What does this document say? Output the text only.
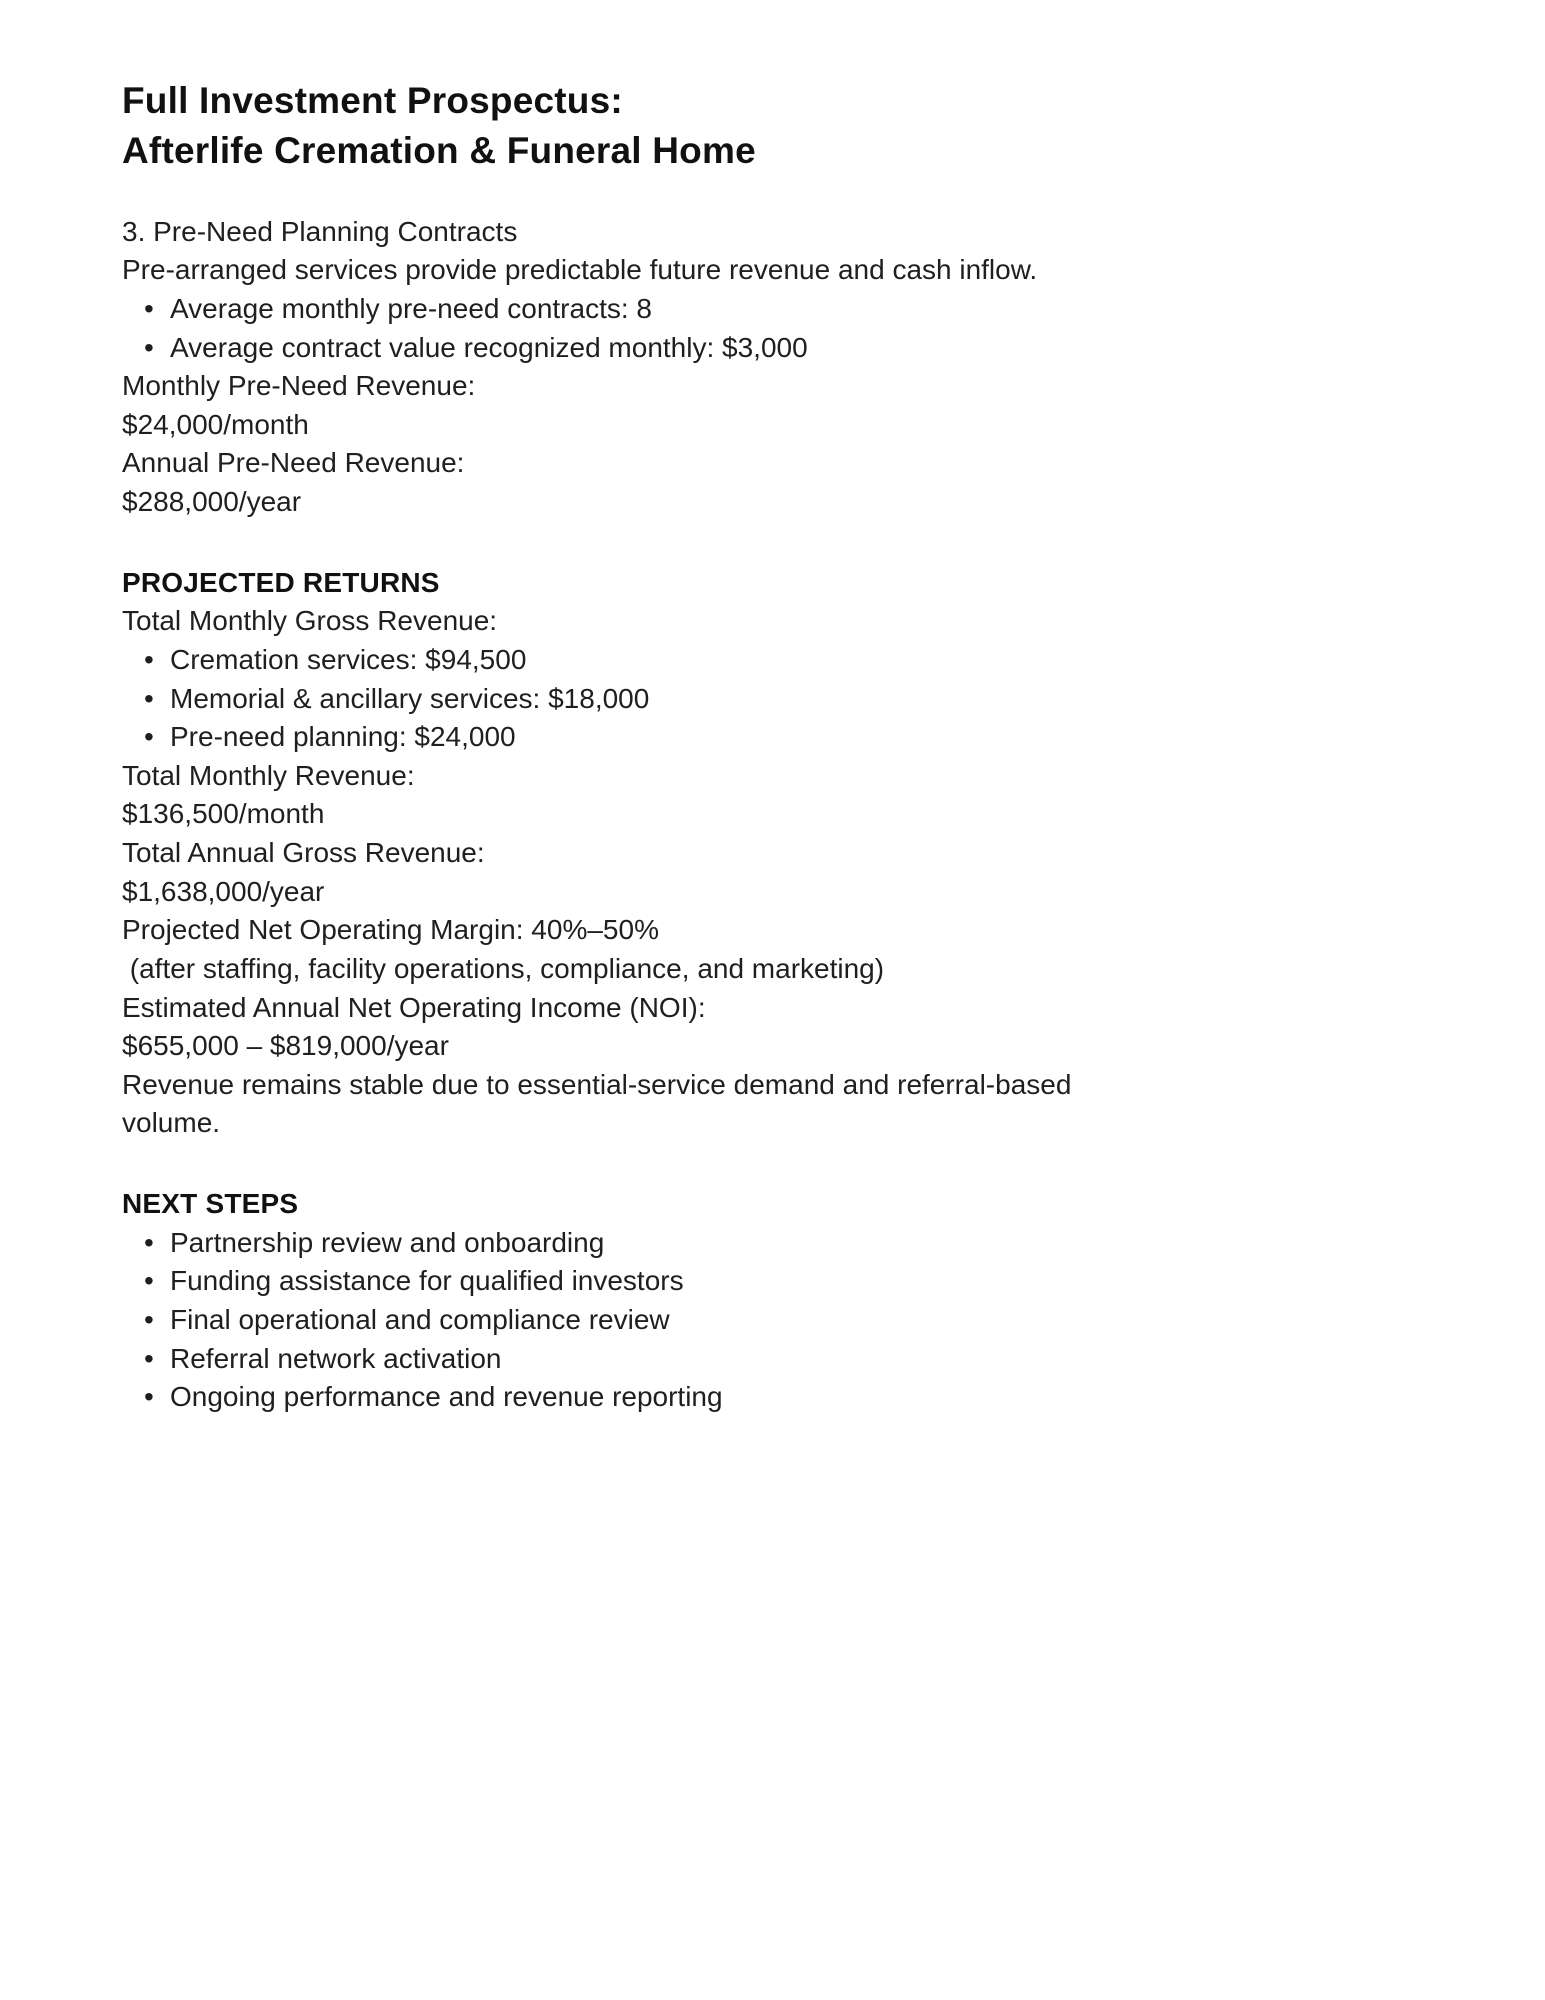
Full Investment Prospectus:
Afterlife Cremation & Funeral Home
3. Pre-Need Planning Contracts
Pre-arranged services provide predictable future revenue and cash inflow.
• Average monthly pre-need contracts: 8
• Average contract value recognized monthly: $3,000
Monthly Pre-Need Revenue:
$24,000/month
Annual Pre-Need Revenue:
$288,000/year
PROJECTED RETURNS
Total Monthly Gross Revenue:
• Cremation services: $94,500
• Memorial & ancillary services: $18,000
• Pre-need planning: $24,000
Total Monthly Revenue:
$136,500/month
Total Annual Gross Revenue:
$1,638,000/year
Projected Net Operating Margin: 40%–50%
(after staffing, facility operations, compliance, and marketing)
Estimated Annual Net Operating Income (NOI):
$655,000 – $819,000/year
Revenue remains stable due to essential-service demand and referral-based volume.
NEXT STEPS
• Partnership review and onboarding
• Funding assistance for qualified investors
• Final operational and compliance review
• Referral network activation
• Ongoing performance and revenue reporting
